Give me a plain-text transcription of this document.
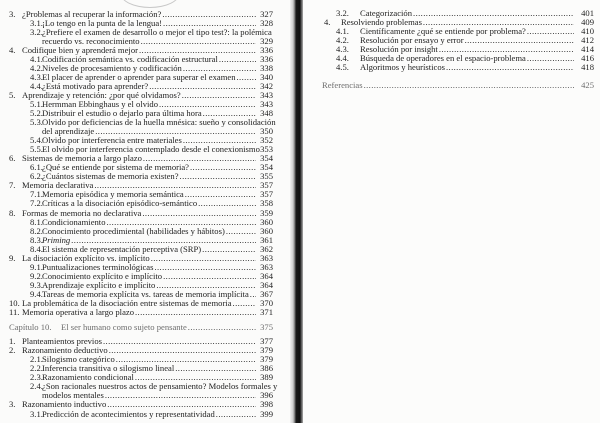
3. ¿Problemas al recuperar la información? .....	327
3.1. ¡Lo tengo en la punta de la lengua! .....	328
3.2. ¿Prefiere el examen de desarrollo o mejor el tipo test?: la polémica
recuerdo vs. reconocimiento .....	329
4. Codifique bien y aprenderá mejor .....	336
4.1. Codificación semántica vs. codificación estructural .....	336
4.2. Niveles de procesamiento y codificación .....	338
4.3. El placer de aprender o aprender para superar el examen .....	340
4.4. ¿Está motivado para aprender? .....	342
5. Aprendizaje y retención: ¿por qué olvidamos? .....	343
5.1. Hermman Ebbinghaus y el olvido .....	343
5.2. Distribuir el estudio o dejarlo para última hora .....	348
5.3. Olvido por deficiencias de la huella mnésica: sueño y consolidación
del aprendizaje .....	350
5.4. Olvido por interferencia entre materiales .....	352
5.5. El olvido por interferencia contemplado desde el conexionismo ..... 353
6. Sistemas de memoria a largo plazo .....	354
6.1. ¿Qué se entiende por sistema de memoria? .....	354
6.2. ¿Cuántos sistemas de memoria existen? .....	355
7. Memoria declarativa .....	357
7.1. Memoria episódica y memoria semántica .....	357
7.2. Críticas a la disociación episódico-semántico .....	358
8. Formas de memoria no declarativa .....	359
8.1. Condicionamiento .....	360
8.2. Conocimiento procedimiental (habilidades y hábitos) .....	360
8.3. Priming .....	361
8.4. El sistema de representación perceptiva (SRP) .....	362
9. La disociación explícito vs. implícito .....	363
9.1. Puntualizaciones terminológicas .....	363
9.2. Conocimiento explícito e implícito .....	364
9.3. Aprendizaje explícito e implícito .....	364
9.4. Tareas de memoria explícita vs. tareas de memoria implícita .....	367
10. La problemática de la disociación entre sistemas de memoria .....	370
11. Memoria operativa a largo plazo .....	371
Capítulo 10. El ser humano como sujeto pensante .....	375
1. Planteamientos previos .....	377
2. Razonamiento deductivo .....	379
2.1. Silogismo categórico .....	379
2.2. Inferencia transitiva o silogismo lineal .....	386
2.3. Razonamiento condicional .....	389
2.4. ¿Son racionales nuestros actos de pensamiento? Modelos formales y
modelos mentales .....	396
3. Razonamiento inductivo .....	398
3.1. Predicción de acontecimientos y representatividad .....	399
3.2. Categorización .....	401
4. Resolviendo problemas .....	409
4.1. Científicamente ¿qué se entiende por problema? .....	410
4.2. Resolución por ensayo y error .....	412
4.3. Resolución por insight .....	414
4.4. Búsqueda de operadores en el espacio-problema .....	416
4.5. Algoritmos y heurísticos .....	418
Referencias .....	425
